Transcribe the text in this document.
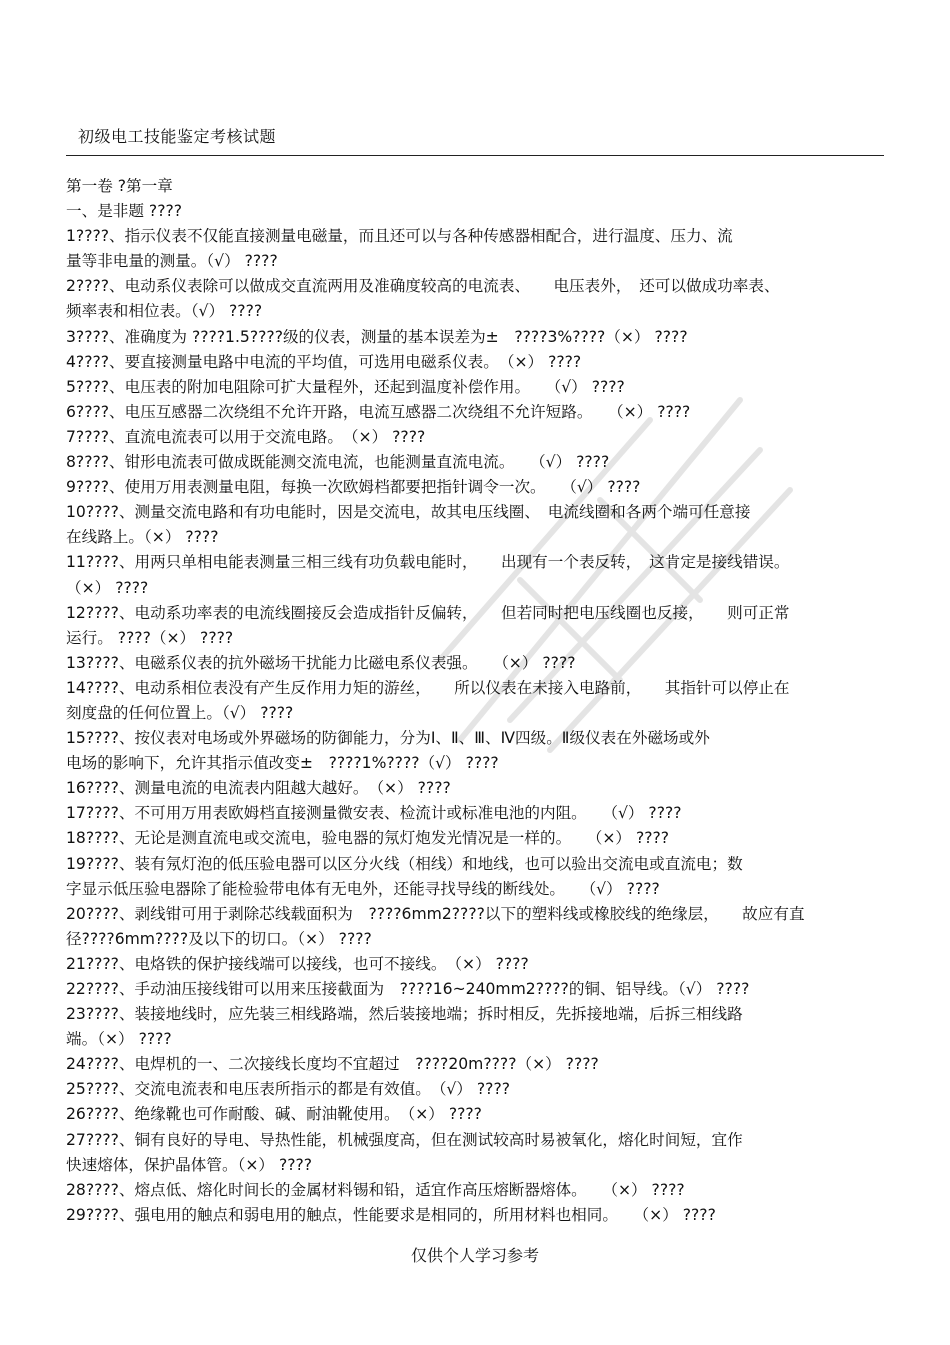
初级电工技能鉴定考核试题
第一卷 ?第一章
一、是非题 ????
1????、指示仪表不仅能直接测量电磁量，而且还可以与各种传感器相配合，进行温度、压力、流
量等非电量的测量。（√） ????
2????、电动系仪表除可以做成交直流两用及准确度较高的电流表、　　电压表外，　还可以做成功率表、
频率表和相位表。（√） ????
3????、准确度为 ????1.5????级的仪表，测量的基本误差为±　????3%????（×） ????
4????、要直接测量电路中电流的平均值，可选用电磁系仪表。　（×） ????
5????、电压表的附加电阻除可扩大量程外，还起到温度补偿作用。　　（√） ????
6????、电压互感器二次绕组不允许开路，电流互感器二次绕组不允许短路。　　（×） ????
7????、直流电流表可以用于交流电路。　（×） ????
8????、钳形电流表可做成既能测交流电流，也能测量直流电流。　　（√） ????
9????、使用万用表测量电阻，每换一次欧姆档都要把指针调令一次。　　（√） ????
10????、测量交流电路和有功电能时，因是交流电，故其电压线圈、　电流线圈和各两个端可任意接
在线路上。（×） ????
11????、用两只单相电能表测量三相三线有功负载电能时，　　出现有一个表反转，　这肯定是接线错误。
（×） ????
12????、电动系功率表的电流线圈接反会造成指针反偏转，　　但若同时把电压线圈也反接，　　则可正常
运行。 ????（×） ????
13????、电磁系仪表的抗外磁场干扰能力比磁电系仪表强。　　（×） ????
14????、电动系相位表没有产生反作用力矩的游丝，　　所以仪表在未接入电路前，　　其指针可以停止在
刻度盘的任何位置上。（√） ????
15????、按仪表对电场或外界磁场的防御能力，分为Ⅰ、Ⅱ、Ⅲ、Ⅳ四级。Ⅱ级仪表在外磁场或外
电场的影响下，允许其指示值改变±　????1%????（√） ????
16????、测量电流的电流表内阻越大越好。　（×） ????
17????、不可用万用表欧姆档直接测量微安表、检流计或标准电池的内阻。　　（√） ????
18????、无论是测直流电或交流电，验电器的氖灯炮发光情况是一样的。　　（×） ????
19????、装有氖灯泡的低压验电器可以区分火线（相线）和地线，也可以验出交流电或直流电；数
字显示低压验电器除了能检验带电体有无电外，还能寻找导线的断线处。　　（√） ????
20????、剥线钳可用于剥除芯线载面积为　????6mm2????以下的塑料线或橡胶线的绝缘层，　　故应有直
径????6mm????及以下的切口。（×） ????
21????、电烙铁的保护接线端可以接线，也可不接线。　（×） ????
22????、手动油压接线钳可以用来压接截面为　????16~240mm2????的铜、铝导线。（√） ????
23????、装接地线时，应先装三相线路端，然后装接地端；拆时相反，先拆接地端，后拆三相线路
端。（×） ????
24????、电焊机的一、二次接线长度均不宜超过　????20m????（×） ????
25????、交流电流表和电压表所指示的都是有效值。　（√） ????
26????、绝缘靴也可作耐酸、碱、耐油靴使用。　（×） ????
27????、铜有良好的导电、导热性能，机械强度高，但在测试较高时易被氧化，熔化时间短，宜作
快速熔体，保护晶体管。（×） ????
28????、熔点低、熔化时间长的金属材料锡和铅，适宜作高压熔断器熔体。　　（×） ????
29????、强电用的触点和弱电用的触点，性能要求是相同的，所用材料也相同。　　（×） ????
仅供个人学习参考
